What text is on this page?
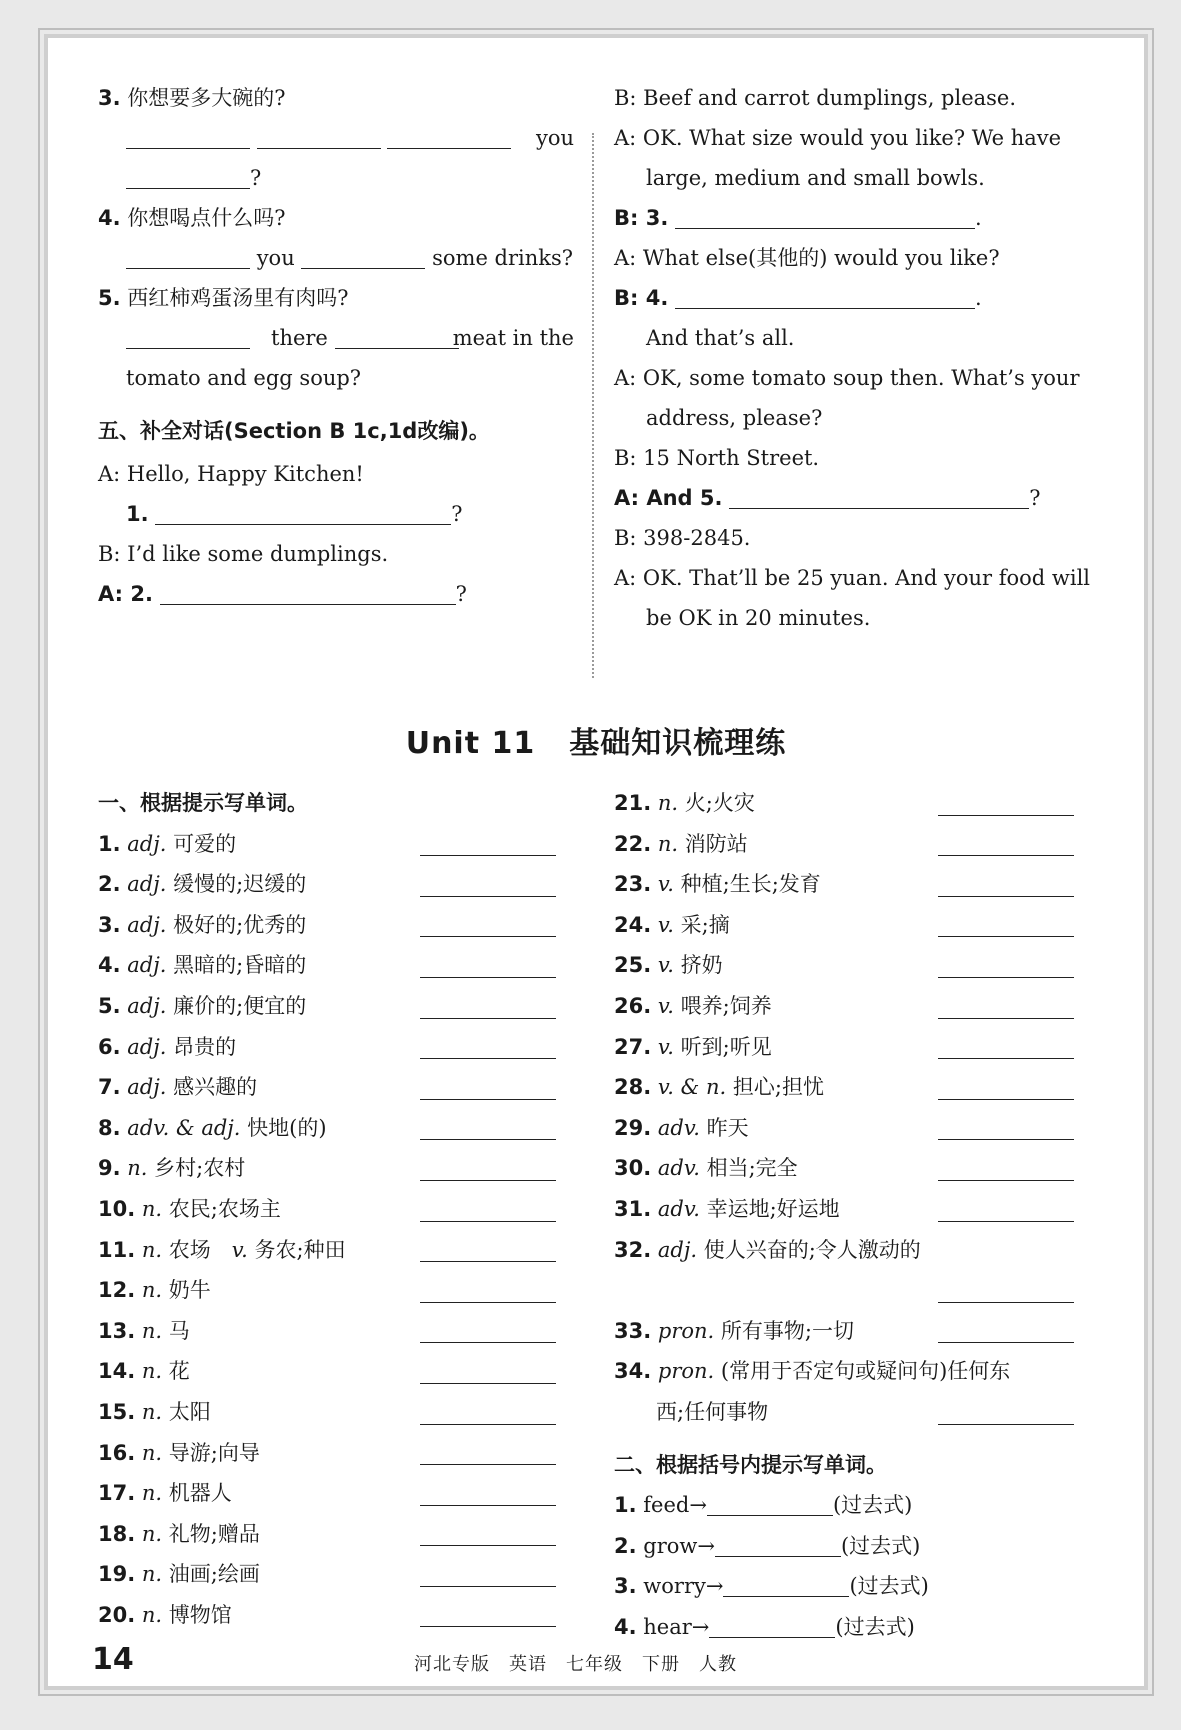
3. 你想要多大碗的?

you
?
4. 你想喝点什么吗?
you	some drinks?
5. 西红柿鸡蛋汤里有肉吗?
　there	meat in the
tomato and egg soup?
五、补全对话(Section B 1c,1d改编)。
A: Hello, Happy Kitchen!
1.	?
B: I’d like some dumplings.
A: 2.	?
B: Beef and carrot dumplings, please.
A: OK. What size would you like? We have
large, medium and small bowls.
B: 3.	.
A: What else(其他的) would you like?
B: 4.	.
And that’s all.
A: OK, some tomato soup then. What’s your
address, please?
B: 15 North Street.
A: And 5.	?
B: 398-2845.
A: OK. That’ll be 25 yuan. And your food will
be OK in 20 minutes.
Unit 11 基础知识梳理练
一、根据提示写单词。
1. adj. 可爱的
2. adj. 缓慢的;迟缓的
3. adj. 极好的;优秀的
4. adj. 黑暗的;昏暗的
5. adj. 廉价的;便宜的
6. adj. 昂贵的
7. adj. 感兴趣的
8. adv. & adj. 快地(的)
9. n. 乡村;农村
10. n. 农民;农场主
11. n. 农场　v. 务农;种田
12. n. 奶牛
13. n. 马
14. n. 花
15. n. 太阳
16. n. 导游;向导
17. n. 机器人
18. n. 礼物;赠品
19. n. 油画;绘画
20. n. 博物馆
21. n. 火;火灾
22. n. 消防站
23. v. 种植;生长;发育
24. v. 采;摘
25. v. 挤奶
26. v. 喂养;饲养
27. v. 听到;听见
28. v. & n. 担心;担忧
29. adv. 昨天
30. adv. 相当;完全
31. adv. 幸运地;好运地
32. adj. 使人兴奋的;令人激动的
33. pron. 所有事物;一切
34. pron. (常用于否定句或疑问句)任何东
西;任何事物
二、根据括号内提示写单词。
1. feed→	(过去式)
2. grow→	(过去式)
3. worry→	(过去式)
4. hear→	(过去式)
14	河北专版　英语　七年级　下册　人教
